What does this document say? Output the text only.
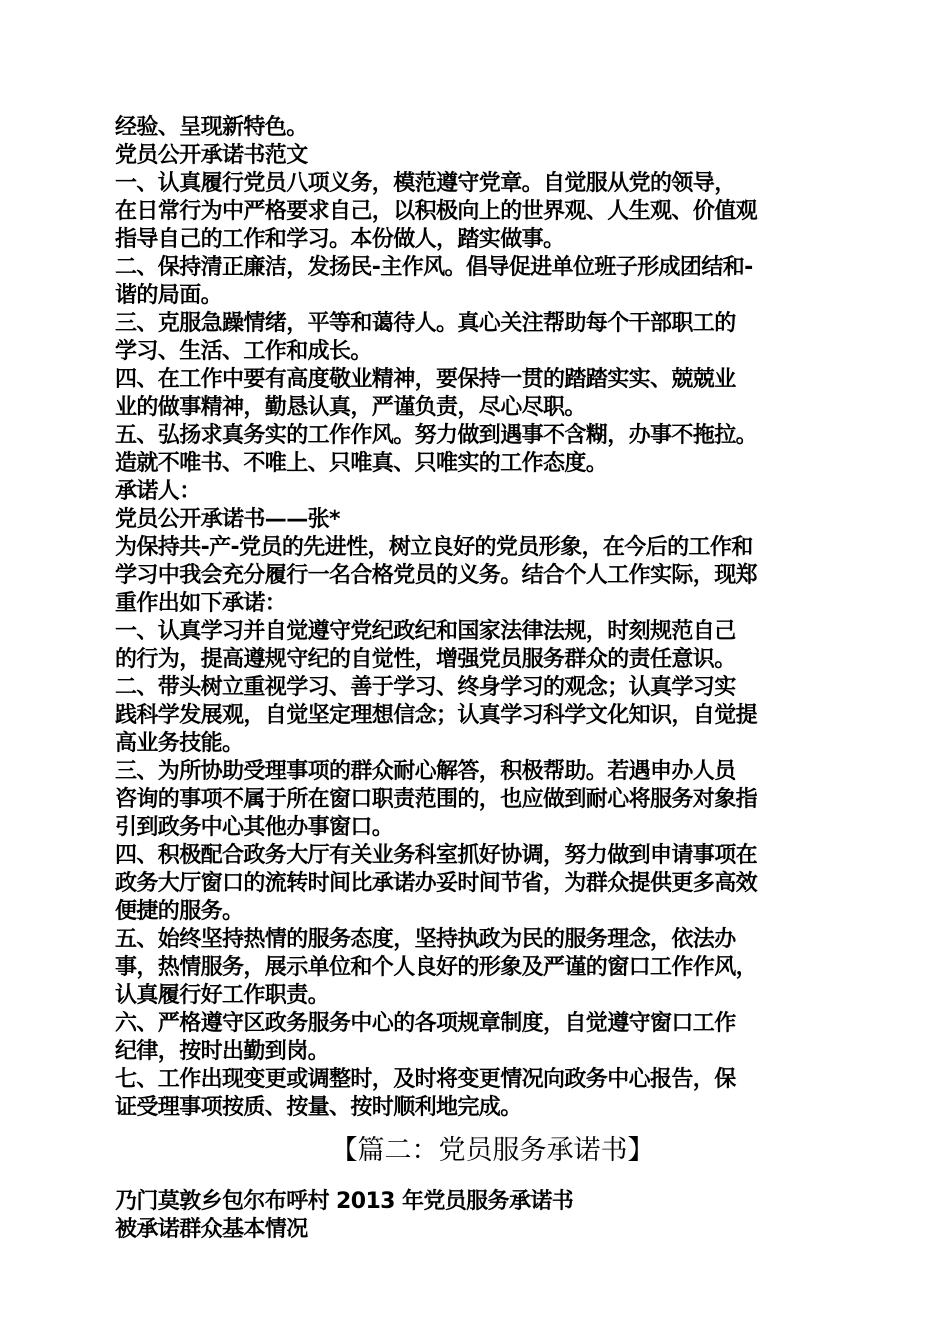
经验、呈现新特色。
党员公开承诺书范文
一、认真履行党员八项义务，模范遵守党章。自觉服从党的领导，
在日常行为中严格要求自己，以积极向上的世界观、人生观、价值观
指导自己的工作和学习。本份做人，踏实做事。
二、保持清正廉洁，发扬民-主作风。倡导促进单位班子形成团结和-
谐的局面。
三、克服急躁情绪，平等和蔼待人。真心关注帮助每个干部职工的
学习、生活、工作和成长。
四、在工作中要有高度敬业精神，要保持一贯的踏踏实实、兢兢业
业的做事精神，勤恳认真，严谨负责，尽心尽职。
五、弘扬求真务实的工作作风。努力做到遇事不含糊，办事不拖拉。
造就不唯书、不唯上、只唯真、只唯实的工作态度。
承诺人：
党员公开承诺书——张*
为保持共-产-党员的先进性，树立良好的党员形象，在今后的工作和
学习中我会充分履行一名合格党员的义务。结合个人工作实际，现郑
重作出如下承诺：
一、认真学习并自觉遵守党纪政纪和国家法律法规，时刻规范自己
的行为，提高遵规守纪的自觉性，增强党员服务群众的责任意识。
二、带头树立重视学习、善于学习、终身学习的观念；认真学习实
践科学发展观，自觉坚定理想信念；认真学习科学文化知识，自觉提
高业务技能。
三、为所协助受理事项的群众耐心解答，积极帮助。若遇申办人员
咨询的事项不属于所在窗口职责范围的，也应做到耐心将服务对象指
引到政务中心其他办事窗口。
四、积极配合政务大厅有关业务科室抓好协调，努力做到申请事项在
政务大厅窗口的流转时间比承诺办妥时间节省，为群众提供更多高效
便捷的服务。
五、始终坚持热情的服务态度，坚持执政为民的服务理念，依法办
事，热情服务，展示单位和个人良好的形象及严谨的窗口工作作风，
认真履行好工作职责。
六、严格遵守区政务服务中心的各项规章制度，自觉遵守窗口工作
纪律，按时出勤到岗。
七、工作出现变更或调整时，及时将变更情况向政务中心报告，保
证受理事项按质、按量、按时顺利地完成。
【篇二：党员服务承诺书】
乃门莫敦乡包尔布呼村 2013 年党员服务承诺书
被承诺群众基本情况
